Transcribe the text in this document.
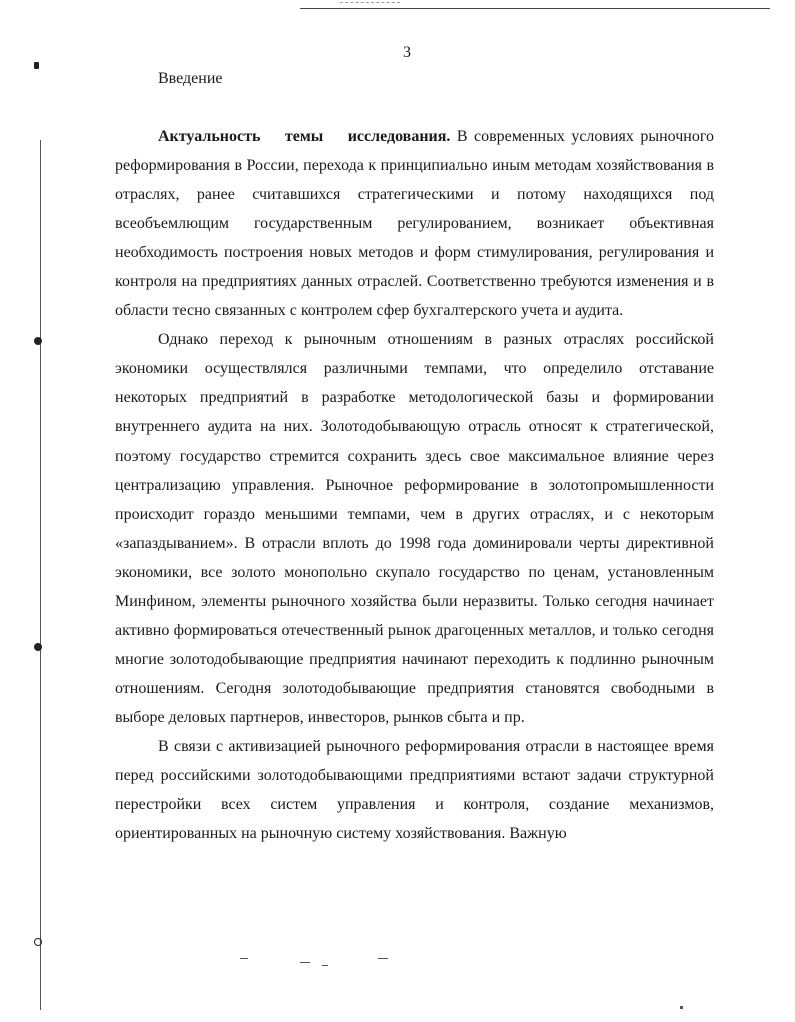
3
Введение

Актуальность темы исследования. В современных условиях рыночного реформирования в России, перехода к принципиально иным методам хозяйствования в отраслях, ранее считавшихся стратегическими и потому находящихся под всеобъемлющим государственным регулированием, возникает объективная необходимость построения новых методов и форм стимулирования, регулирования и контроля на предприятиях данных отраслей. Соответственно требуются изменения и в области тесно связанных с контролем сфер бухгалтерского учета и аудита.

Однако переход к рыночным отношениям в разных отраслях российской экономики осуществлялся различными темпами, что определило отставание некоторых предприятий в разработке методологической базы и формировании внутреннего аудита на них. Золотодобывающую отрасль относят к стратегической, поэтому государство стремится сохранить здесь свое максимальное влияние через централизацию управления. Рыночное реформирование в золотопромышленности происходит гораздо меньшими темпами, чем в других отраслях, и с некоторым «запаздыванием». В отрасли вплоть до 1998 года доминировали черты директивной экономики, все золото монопольно скупало государство по ценам, установленным Минфином, элементы рыночного хозяйства были неразвиты. Только сегодня начинает активно формироваться отечественный рынок драгоценных металлов, и только сегодня многие золотодобывающие предприятия начинают переходить к подлинно рыночным отношениям. Сегодня золотодобывающие предприятия становятся свободными в выборе деловых партнеров, инвесторов, рынков сбыта и пр.

В связи с активизацией рыночного реформирования отрасли в настоящее время перед российскими золотодобывающими предприятиями встают задачи структурной перестройки всех систем управления и контроля, создание механизмов, ориентированных на рыночную систему хозяйствования. Важную
